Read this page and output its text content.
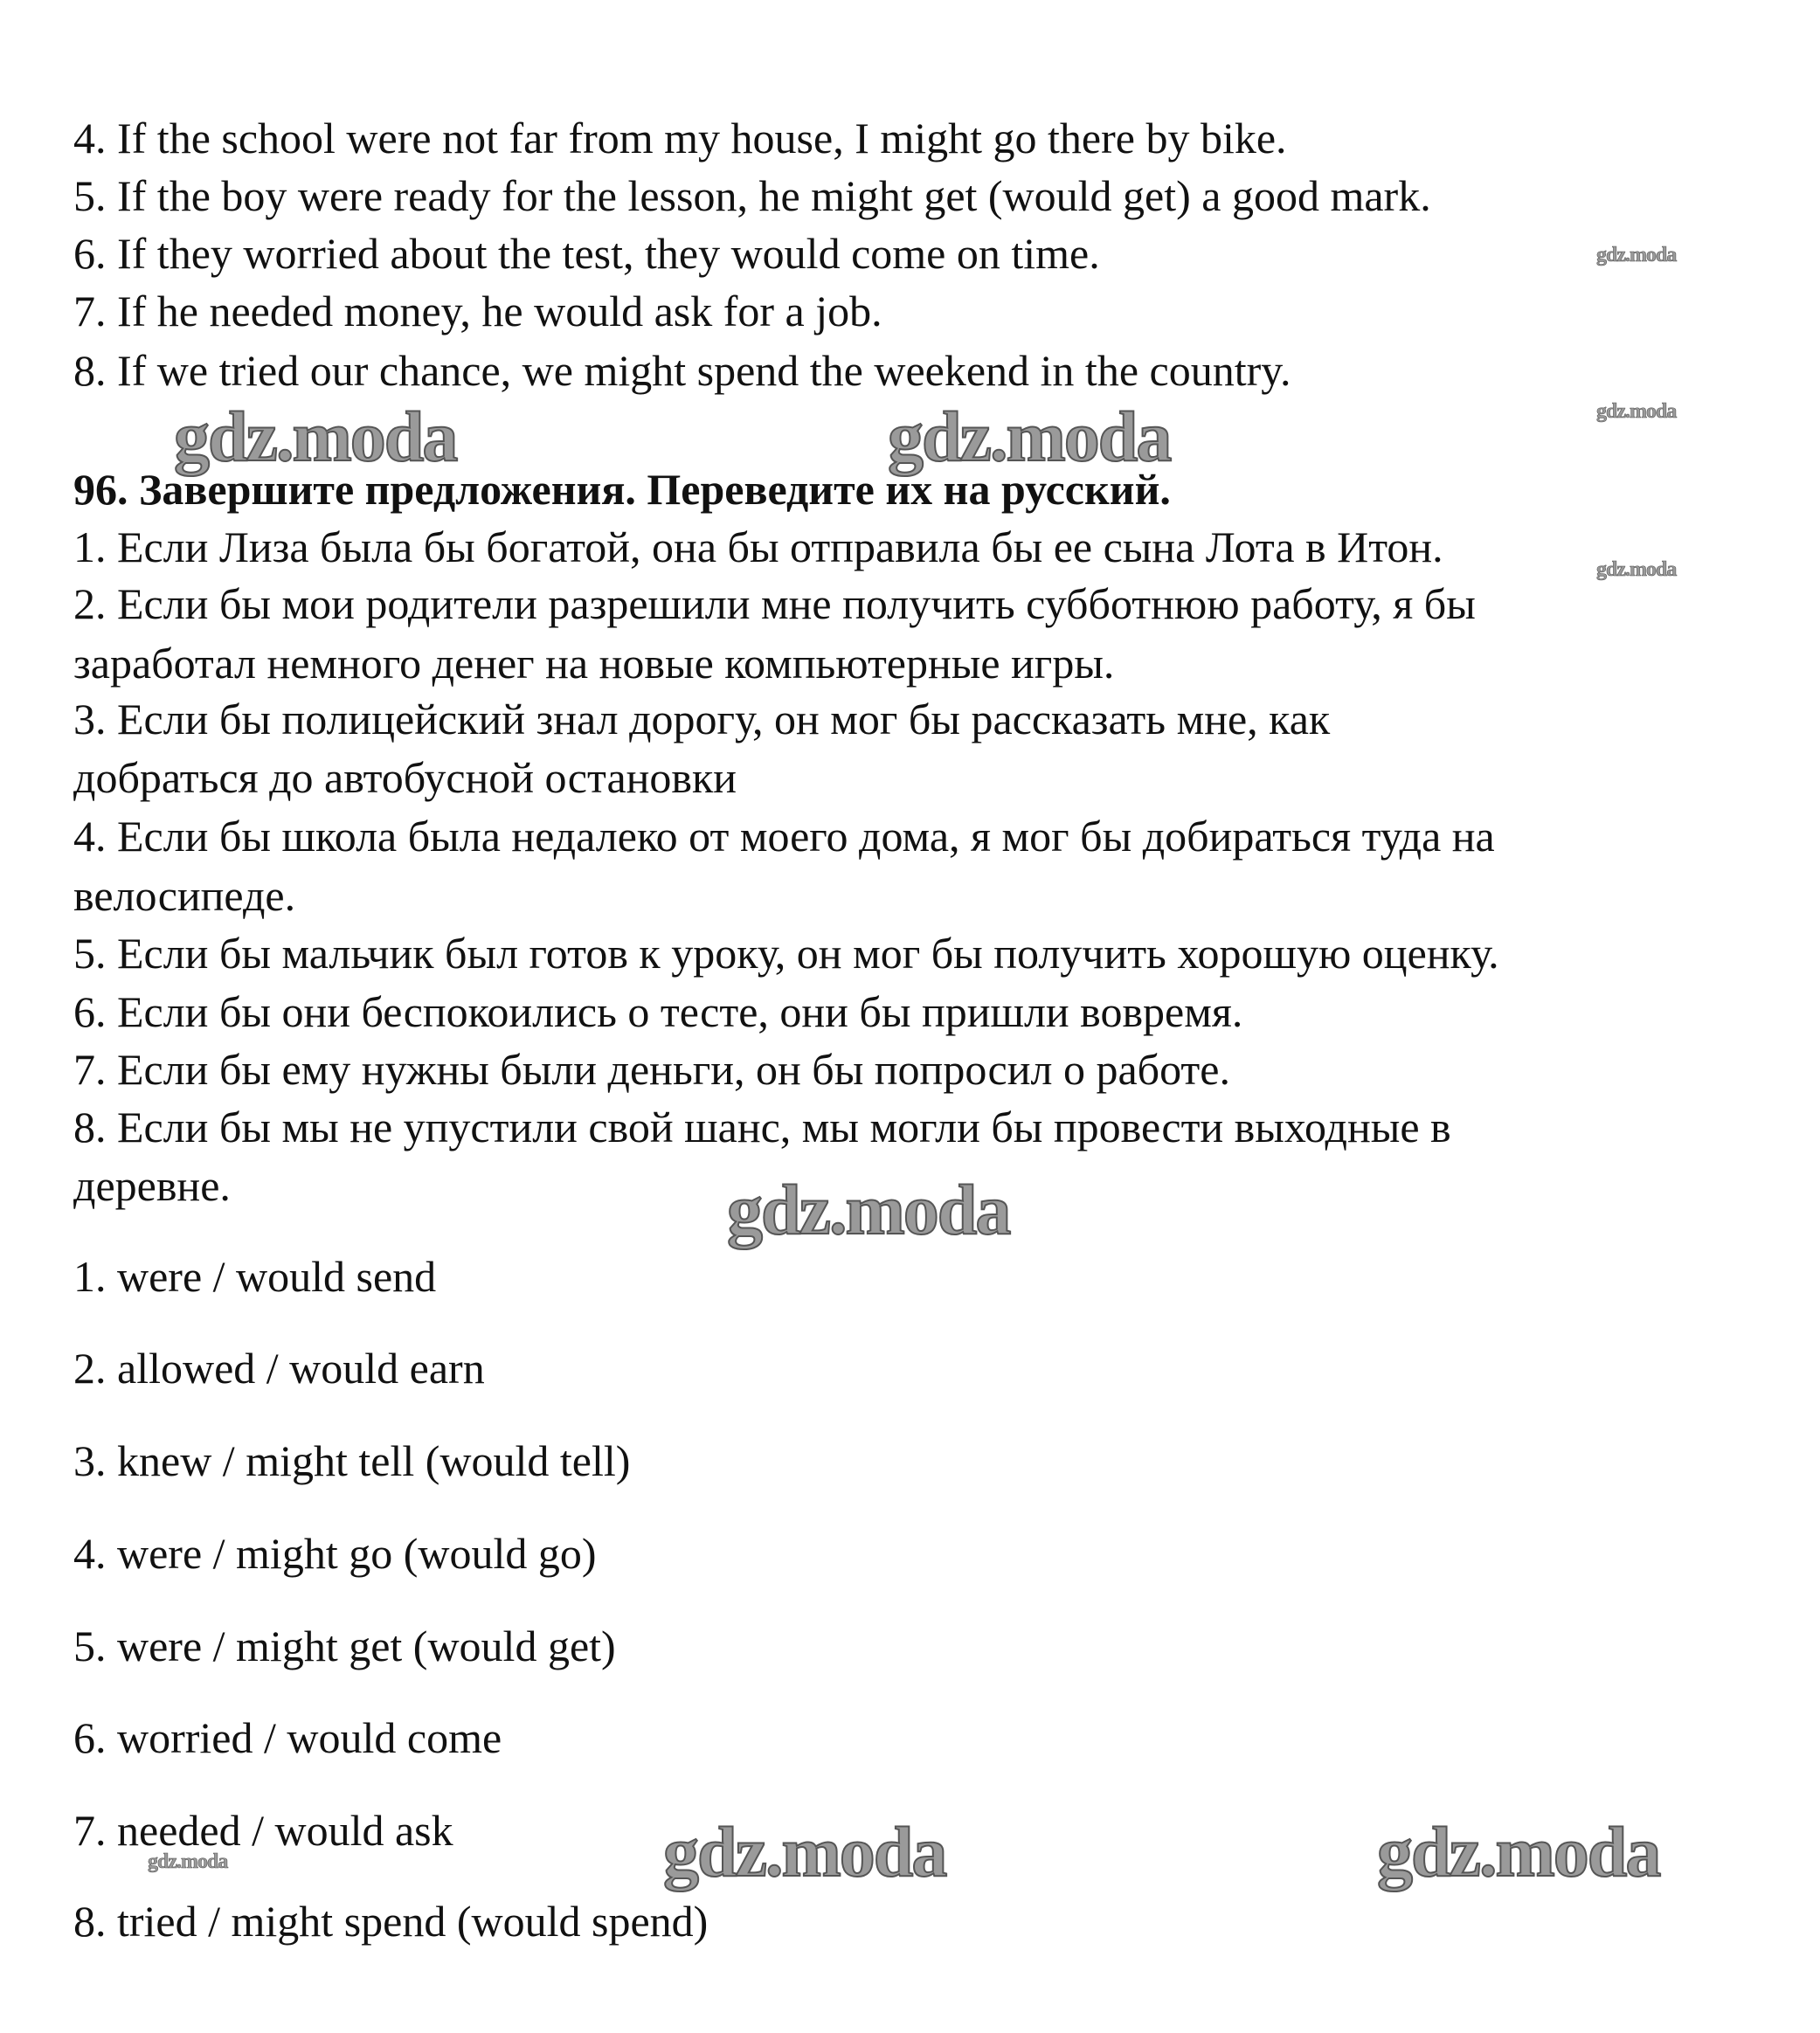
gdz.moda	gdz.moda
gdz.moda
gdz.moda	gdz.moda
gdz.moda
gdz.moda
gdz.moda
gdz.moda
4. If the school were not far from my house, I might go there by bike.
5. If the boy were ready for the lesson, he might get (would get) a good mark.
6. If they worried about the test, they would come on time.
7. If he needed money, he would ask for a job.
8. If we tried our chance, we might spend the weekend in the country.
96. Завершите предложения. Переведите их на русский.
1. Если Лиза была бы богатой, она бы отправила бы ее сына Лота в Итон.
2. Если бы мои родители разрешили мне получить субботнюю работу, я бы
заработал немного денег на новые компьютерные игры.
3. Если бы полицейский знал дорогу, он мог бы рассказать мне, как
добраться до автобусной остановки
4. Если бы школа была недалеко от моего дома, я мог бы добираться туда на
велосипеде.
5. Если бы мальчик был готов к уроку, он мог бы получить хорошую оценку.
6. Если бы они беспокоились о тесте, они бы пришли вовремя.
7. Если бы ему нужны были деньги, он бы попросил о работе.
8. Если бы мы не упустили свой шанс, мы могли бы провести выходные в
деревне.
1. were / would send
2. allowed / would earn
3. knew / might tell (would tell)
4. were / might go (would go)
5. were / might get (would get)
6. worried / would come
7. needed / would ask
8. tried / might spend (would spend)
